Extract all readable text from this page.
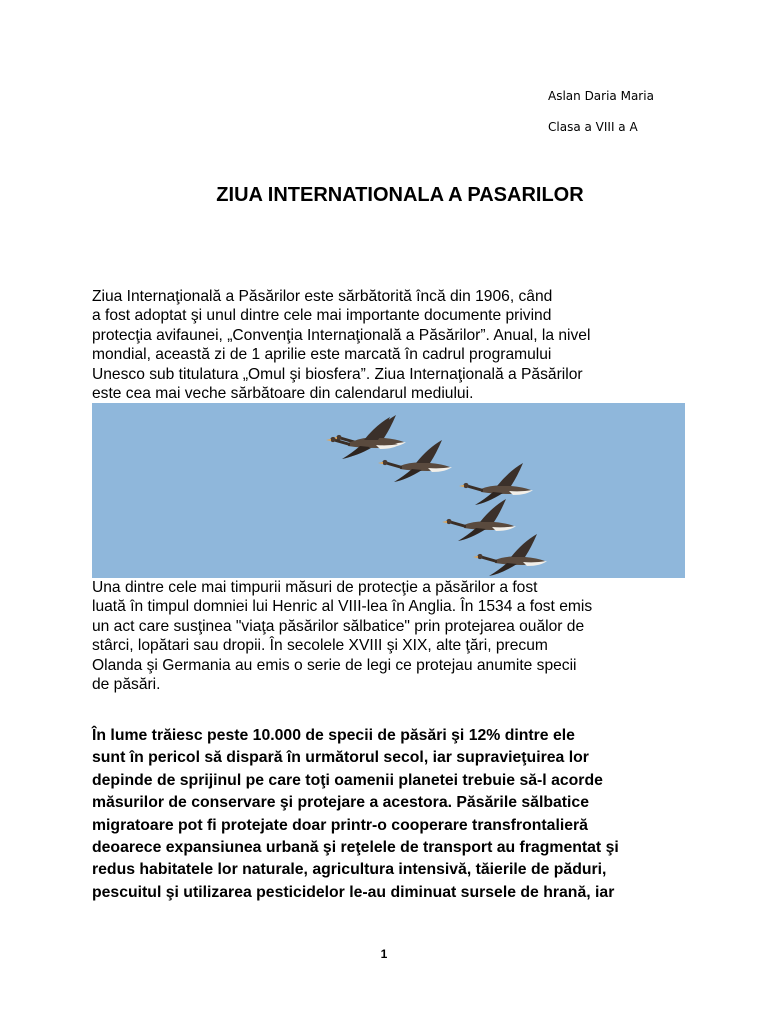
Aslan Daria Maria
Clasa a VIII a A
ZIUA INTERNATIONALA A PASARILOR

Ziua Internaţională a Păsărilor este sărbătorită încă din 1906, când
a fost adoptat şi unul dintre cele mai importante documente privind
protecţia avifaunei, „Convenţia Internaţională a Păsărilor”. Anual, la nivel
mondial, această zi de 1 aprilie este marcată în cadrul programului
Unesco sub titulatura „Omul şi biosfera”. Ziua Internaţională a Păsărilor
este cea mai veche sărbătoare din calendarul mediului.

Una dintre cele mai timpurii măsuri de protecţie a păsărilor a fost
luată în timpul domniei lui Henric al VIII-lea în Anglia. În 1534 a fost emis
un act care susţinea "viaţa păsărilor sălbatice" prin protejarea ouălor de
stârci, lopătari sau dropii. În secolele XVIII şi XIX, alte ţări, precum
Olanda şi Germania au emis o serie de legi ce protejau anumite specii
de păsări.

În lume trăiesc peste 10.000 de specii de păsări şi 12% dintre ele
sunt în pericol să dispară în următorul secol, iar supravieţuirea lor
depinde de sprijinul pe care toţi oamenii planetei trebuie să-l acorde
măsurilor de conservare şi protejare a acestora. Păsările sălbatice
migratoare pot fi protejate doar printr-o cooperare transfrontalieră
deoarece expansiunea urbană şi reţelele de transport au fragmentat şi
redus habitatele lor naturale, agricultura intensivă, tăierile de păduri,
pescuitul şi utilizarea pesticidelor le-au diminuat sursele de hrană, iar

1
